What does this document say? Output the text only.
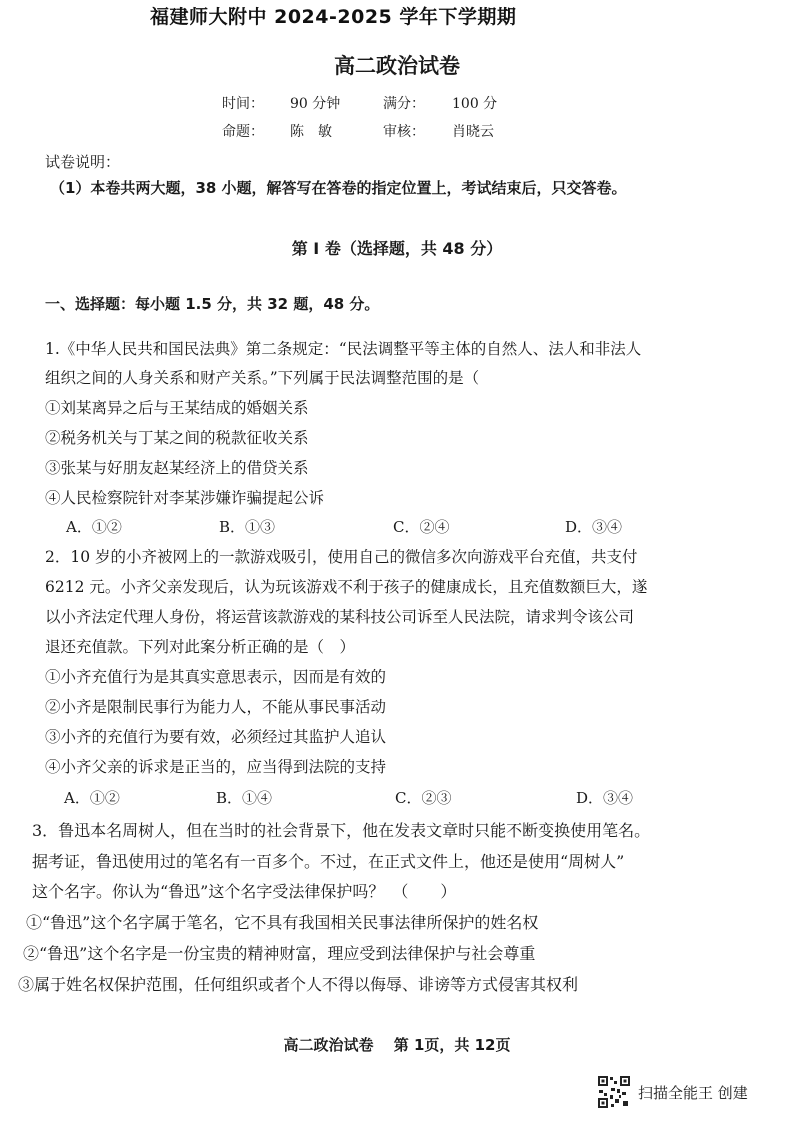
福建师大附中 2024-2025 学年下学期期
高二政治试卷
时间： 90 分钟	满分： 100 分
命题： 陈　敏	审核： 肖晓云
试卷说明：
（1）本卷共两大题，38 小题，解答写在答卷的指定位置上，考试结束后，只交答卷。
第 I 卷（选择题，共 48 分）
一、选择题：每小题 1.5 分，共 32 题，48 分。
1.《中华人民共和国民法典》第二条规定：“民法调整平等主体的自然人、法人和非法人
组织之间的人身关系和财产关系。”下列属于民法调整范围的是（
①刘某离异之后与王某结成的婚姻关系
②税务机关与丁某之间的税款征收关系
③张某与好朋友赵某经济上的借贷关系
④人民检察院针对李某涉嫌诈骗提起公诉
A．①②	B．①③	C．②④	D．③④
2．10 岁的小齐被网上的一款游戏吸引，使用自己的微信多次向游戏平台充值，共支付
6212 元。小齐父亲发现后，认为玩该游戏不利于孩子的健康成长，且充值数额巨大，遂
以小齐法定代理人身份，将运营该款游戏的某科技公司诉至人民法院，请求判令该公司
退还充值款。下列对此案分析正确的是（　）
①小齐充值行为是其真实意思表示，因而是有效的
②小齐是限制民事行为能力人，不能从事民事活动
③小齐的充值行为要有效，必须经过其监护人追认
④小齐父亲的诉求是正当的，应当得到法院的支持
A．①②	B．①④	C．②③	D．③④
3．鲁迅本名周树人，但在当时的社会背景下，他在发表文章时只能不断变换使用笔名。
据考证，鲁迅使用过的笔名有一百多个。不过，在正式文件上，他还是使用“周树人”
这个名字。你认为“鲁迅”这个名字受法律保护吗？　（　　）
①“鲁迅”这个名字属于笔名，它不具有我国相关民事法律所保护的姓名权
②“鲁迅”这个名字是一份宝贵的精神财富，理应受到法律保护与社会尊重
③属于姓名权保护范围，任何组织或者个人不得以侮辱、诽谤等方式侵害其权利
高二政治试卷　 第 1页，共 12页
扫描全能王 创建
